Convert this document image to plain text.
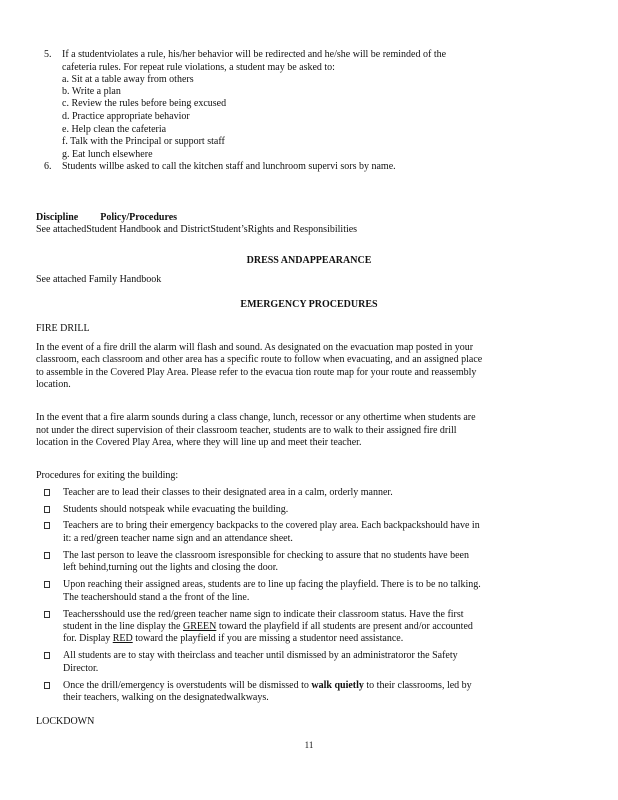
5. If a studentviolates a rule, his/her behavior will be redirected and he/she will be reminded of the
cafeteria rules. For repeat rule violations, a student may be asked to:
a. Sit at a table away from others
b. Write a plan
c. Review the rules before being excused
d. Practice appropriate behavior
e. Help clean the cafeteria
f. Talk with the Principal or support staff
g. Eat lunch elsewhere
6. Students willbe asked to call the kitchen staff and lunchroom supervi sors by name.
Discipline Policy/Procedures
See attachedStudent Handbook and DistrictStudent’sRights and Responsibilities
DRESS ANDAPPEARANCE
See attached Family Handbook
EMERGENCY PROCEDURES
FIRE DRILL
In the event of a fire drill the alarm will flash and sound. As designated on the evacuation map posted in your
classroom, each classroom and other area has a specific route to follow when evacuating, and an assigned place
to assemble in the Covered Play Area. Please refer to the evacua tion route map for your route and reassembly
location.
In the event that a fire alarm sounds during a class change, lunch, recessor or any othertime when students are
not under the direct supervision of their classroom teacher, students are to walk to their assigned fire drill
location in the Covered Play Area, where they will line up and meet their teacher.
Procedures for exiting the building:
Teacher are to lead their classes to their designated area in a calm, orderly manner.
Students should notspeak while evacuating the building.
Teachers are to bring their emergency backpacks to the covered play area. Each backpackshould have in
it: a red/green teacher name sign and an attendance sheet.
The last person to leave the classroom isresponsible for checking to assure that no students have been
left behind,turning out the lights and closing the door.
Upon reaching their assigned areas, students are to line up facing the playfield. There is to be no talking.
The teachershould stand a the front of the line.
Teachersshould use the red/green teacher name sign to indicate their classroom status. Have the first
student in the line display the GREEN toward the playfield if all students are present and/or accounted
for. Display RED toward the playfield if you are missing a studentor need assistance.
All students are to stay with theirclass and teacher until dismissed by an administratoror the Safety
Director.
Once the drill/emergency is overstudents will be dismissed to walk quietly to their classrooms, led by
their teachers, walking on the designatedwalkways.
LOCKDOWN
11
